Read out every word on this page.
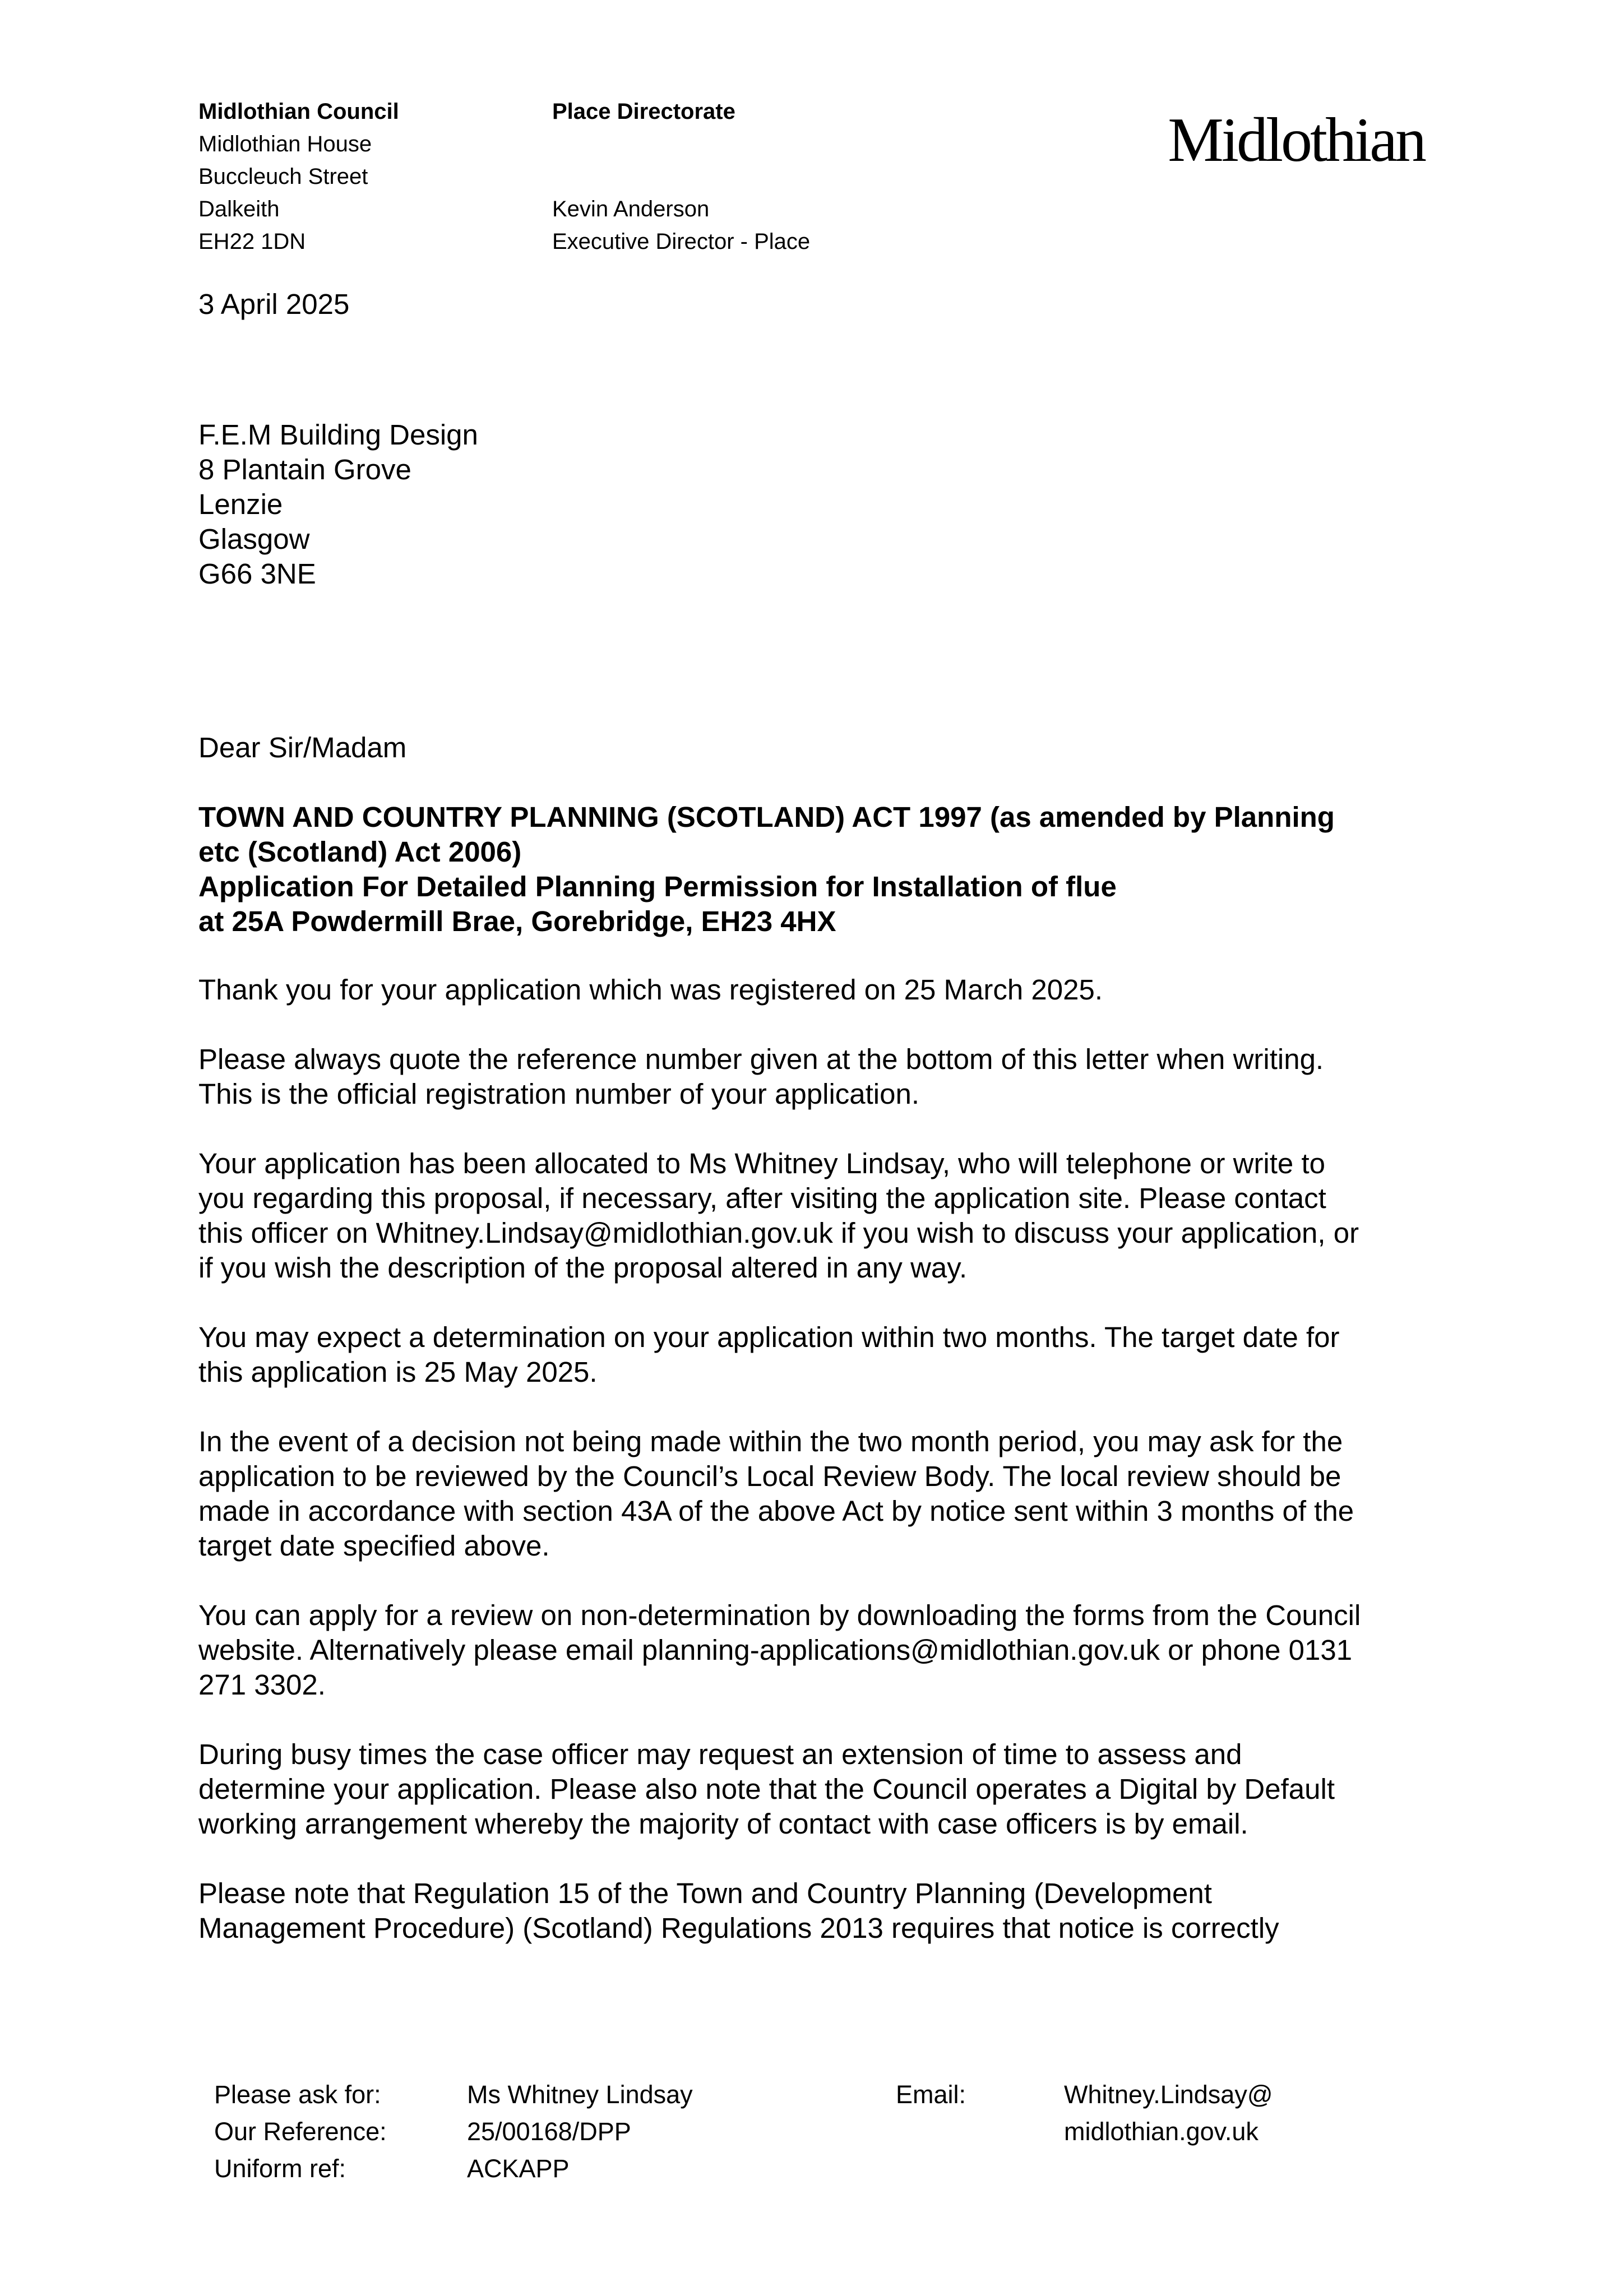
Midlothian Council
Midlothian House
Buccleuch Street
Dalkeith
EH22 1DN
Place Directorate
Kevin Anderson
Executive Director - Place
Midlothian
3 April 2025
F.E.M Building Design
8 Plantain Grove
Lenzie
Glasgow
G66 3NE
Dear Sir/Madam
TOWN AND COUNTRY PLANNING (SCOTLAND) ACT 1997 (as amended by Planning
etc (Scotland) Act 2006)
Application For Detailed Planning Permission for Installation of flue
at 25A Powdermill Brae, Gorebridge, EH23 4HX

Thank you for your application which was registered on 25 March 2025.

Please always quote the reference number given at the bottom of this letter when writing.
This is the official registration number of your application.

Your application has been allocated to Ms Whitney Lindsay, who will telephone or write to
you regarding this proposal, if necessary, after visiting the application site. Please contact
this officer on Whitney.Lindsay@midlothian.gov.uk if you wish to discuss your application, or
if you wish the description of the proposal altered in any way.

You may expect a determination on your application within two months. The target date for
this application is 25 May 2025.

In the event of a decision not being made within the two month period, you may ask for the
application to be reviewed by the Council’s Local Review Body. The local review should be
made in accordance with section 43A of the above Act by notice sent within 3 months of the
target date specified above.

You can apply for a review on non-determination by downloading the forms from the Council
website. Alternatively please email planning-applications@midlothian.gov.uk or phone 0131
271 3302.

During busy times the case officer may request an extension of time to assess and
determine your application. Please also note that the Council operates a Digital by Default
working arrangement whereby the majority of contact with case officers is by email.

Please note that Regulation 15 of the Town and Country Planning (Development
Management Procedure) (Scotland) Regulations 2013 requires that notice is correctly

Please ask for:
Our Reference:
Uniform ref:
Ms Whitney Lindsay
25/00168/DPP
ACKAPP
Email:	Whitney.Lindsay@
midlothian.gov.uk
